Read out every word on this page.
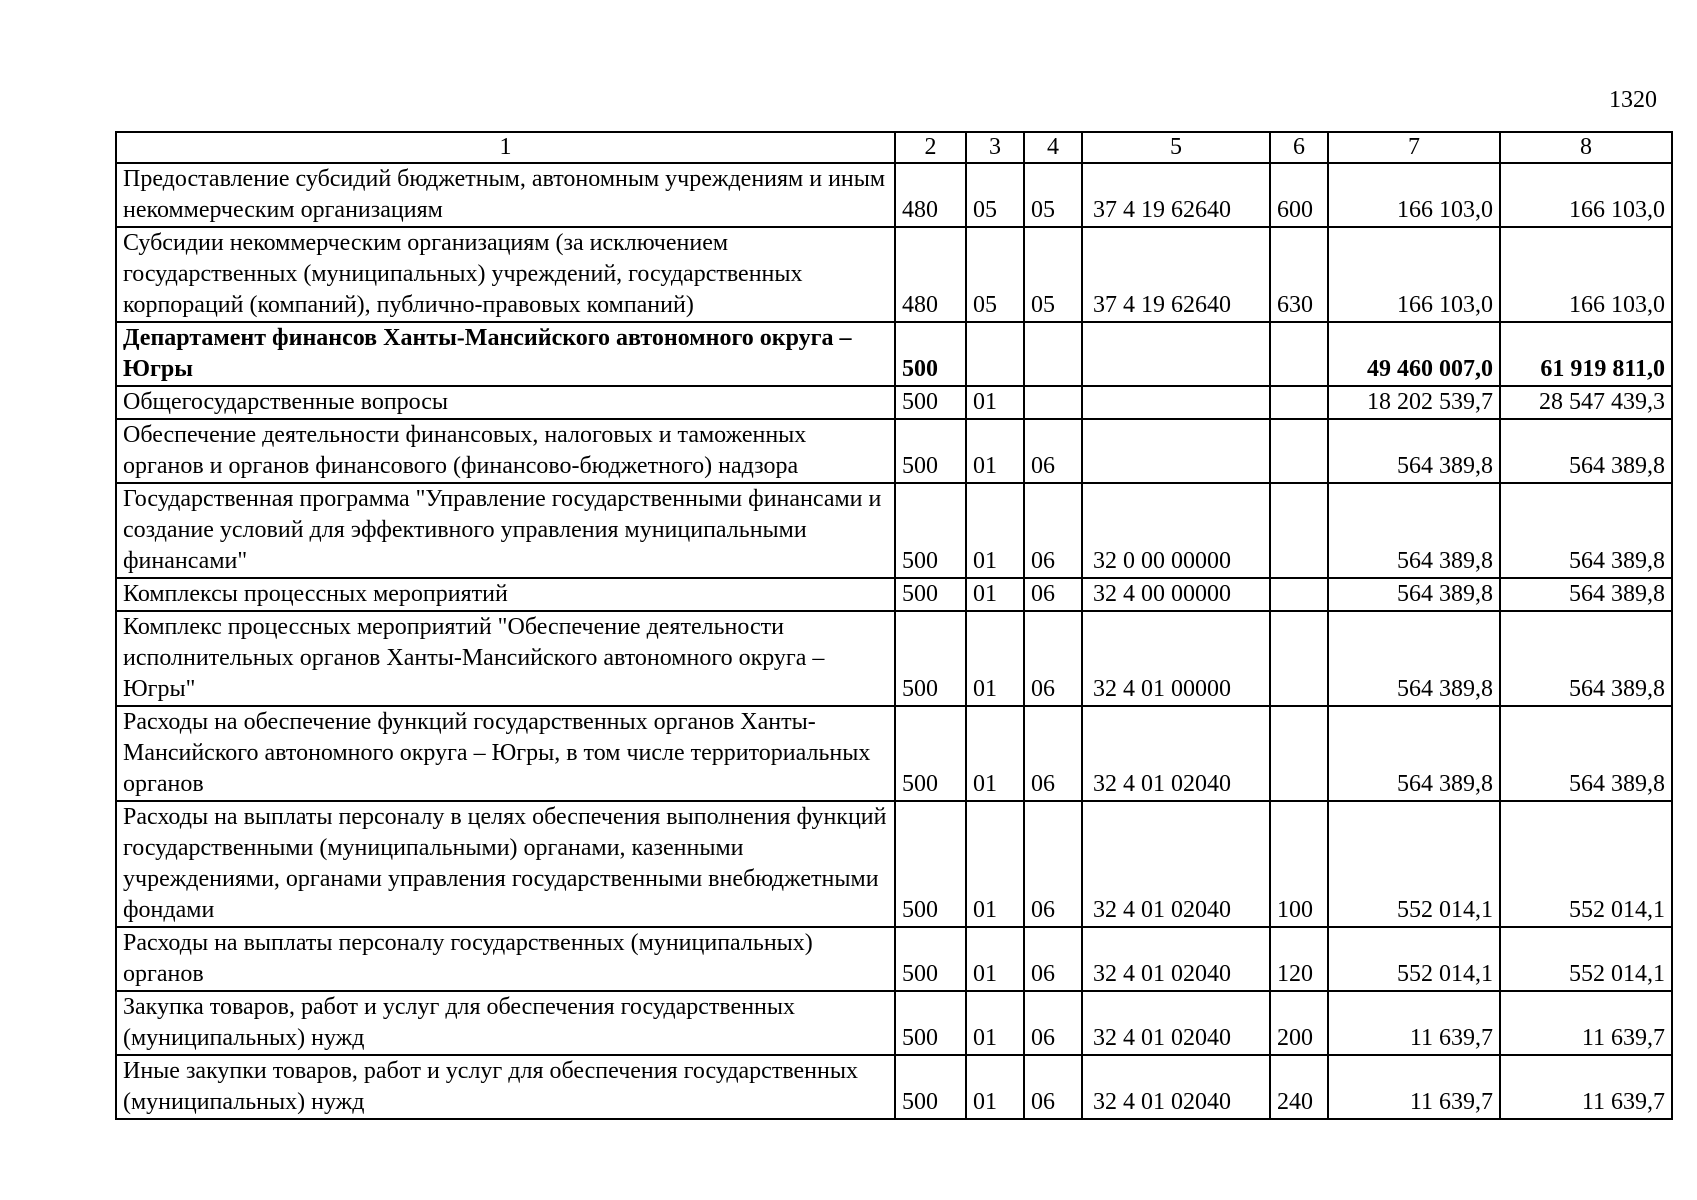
1320
1	2	3	4	5	6	7	8
Предоставление субсидий бюджетным, автономным учреждениям и иным некоммерческим организациям	480	05	05	37 4 19 62640	600	166 103,0	166 103,0
Субсидии некоммерческим организациям (за исключением государственных (муниципальных) учреждений, государственных корпораций (компаний), публично-правовых компаний)	480	05	05	37 4 19 62640	630	166 103,0	166 103,0
Департамент финансов Ханты-Мансийского автономного округа – Югры	500					49 460 007,0	61 919 811,0
Общегосударственные вопросы	500	01				18 202 539,7	28 547 439,3
Обеспечение деятельности финансовых, налоговых и таможенных органов и органов финансового (финансово-бюджетного) надзора	500	01	06			564 389,8	564 389,8
Государственная программа "Управление государственными финансами и создание условий для эффективного управления муниципальными финансами"	500	01	06	32 0 00 00000		564 389,8	564 389,8
Комплексы процессных мероприятий	500	01	06	32 4 00 00000		564 389,8	564 389,8
Комплекс процессных мероприятий "Обеспечение деятельности исполнительных органов Ханты-Мансийского автономного округа – Югры"	500	01	06	32 4 01 00000		564 389,8	564 389,8
Расходы на обеспечение функций государственных органов Ханты-Мансийского автономного округа – Югры, в том числе территориальных органов	500	01	06	32 4 01 02040		564 389,8	564 389,8
Расходы на выплаты персоналу в целях обеспечения выполнения функций государственными (муниципальными) органами, казенными учреждениями, органами управления государственными внебюджетными фондами	500	01	06	32 4 01 02040	100	552 014,1	552 014,1
Расходы на выплаты персоналу государственных (муниципальных) органов	500	01	06	32 4 01 02040	120	552 014,1	552 014,1
Закупка товаров, работ и услуг для обеспечения государственных (муниципальных) нужд	500	01	06	32 4 01 02040	200	11 639,7	11 639,7
Иные закупки товаров, работ и услуг для обеспечения государственных (муниципальных) нужд	500	01	06	32 4 01 02040	240	11 639,7	11 639,7
